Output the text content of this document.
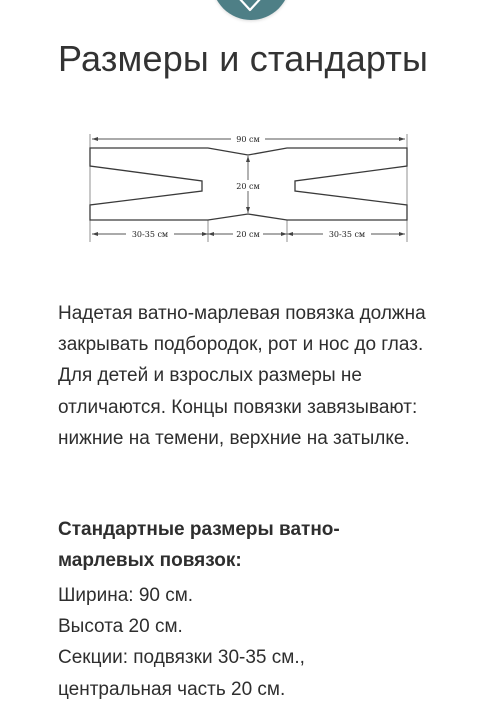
Размеры и стандарты
90 см
20 см
30-35 см	20 см	30-35 см

Надетая ватно-марлевая повязка должна закрывать подбородок, рот и нос до глаз. Для детей и взрослых размеры не отличаются. Концы повязки завязывают: нижние на темени, верхние на затылке.

Стандартные размеры ватно-марлевых повязок:

Ширина: 90 см.
Высота 20 см.
Секции: подвязки 30-35 см.,
центральная часть 20 см.
